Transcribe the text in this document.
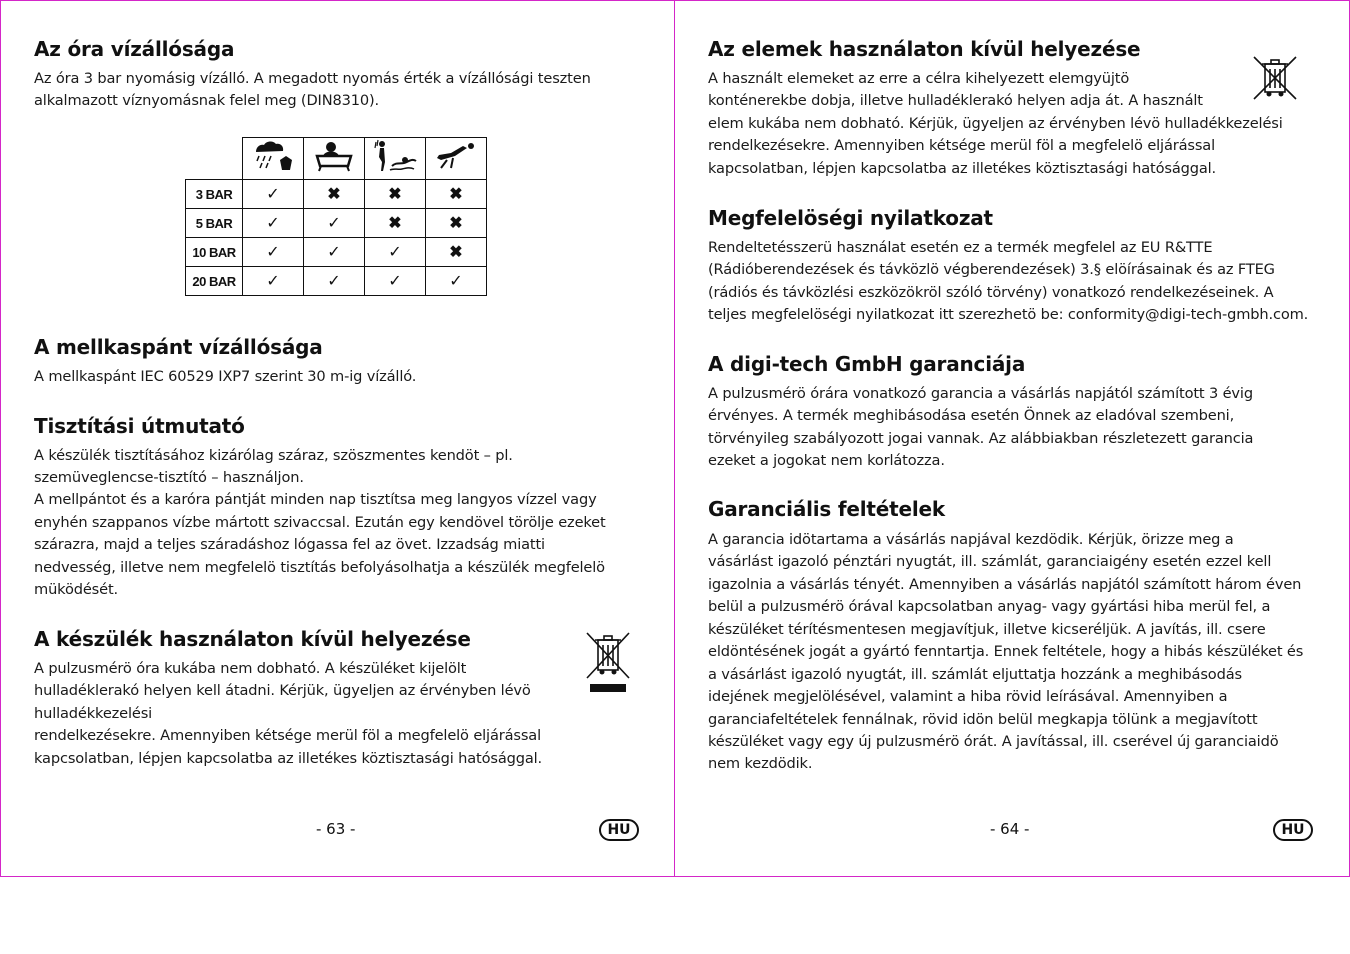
Az óra vízállósága

Az óra 3 bar nyomásig vízálló. A megadott nyomás érték a vízállósági teszten

alkalmazott víznyomásnak felel meg (DIN8310).

3 BAR	✓	✖	✖	✖
5 BAR	✓	✓	✖	✖
10 BAR	✓	✓	✓	✖
20 BAR	✓	✓	✓	✓
A mellkaspánt vízállósága

A mellkaspánt IEC 60529 IXP7 szerint 30 m-ig vízálló.

Tisztítási útmutató

A készülék tisztításához kizárólag száraz, szöszmentes kendöt – pl.

szemüveglencse-tisztító – használjon.

A mellpántot és a karóra pántját minden nap tisztítsa meg langyos vízzel vagy

enyhén szappanos vízbe mártott szivaccsal. Ezután egy kendövel törölje ezeket

szárazra, majd a teljes száradáshoz lógassa fel az övet. Izzadság miatti

nedvesség, illetve nem megfelelö tisztítás befolyásolhatja a készülék megfelelö

müködését.

A készülék használaton kívül helyezése

A pulzusmérö óra kukába nem dobható. A készüléket kijelölt

hulladéklerakó helyen kell átadni. Kérjük, ügyeljen az érvényben lévö

hulladékkezelési

rendelkezésekre. Amennyiben kétsége merül föl a megfelelö eljárással

kapcsolatban, lépjen kapcsolatba az illetékes köztisztasági hatósággal.

- 63 -	HU
Az elemek használaton kívül helyezése

A használt elemeket az erre a célra kihelyezett elemgyüjtö

konténerekbe dobja, illetve hulladéklerakó helyen adja át. A használt

elem kukába nem dobható. Kérjük, ügyeljen az érvényben lévö hulladékkezelési

rendelkezésekre. Amennyiben kétsége merül föl a megfelelö eljárással

kapcsolatban, lépjen kapcsolatba az illetékes köztisztasági hatósággal.

Megfelelöségi nyilatkozat

Rendeltetésszerü használat esetén ez a termék megfelel az EU R&TTE

(Rádióberendezések és távközlö végberendezések) 3.§ elöírásainak és az FTEG

(rádiós és távközlési eszközökröl szóló törvény) vonatkozó rendelkezéseinek. A

teljes megfelelöségi nyilatkozat itt szerezhetö be: conformity@digi-tech-gmbh.com.

A digi-tech GmbH garanciája

A pulzusmérö órára vonatkozó garancia a vásárlás napjától számított 3 évig

érvényes. A termék meghibásodása esetén Önnek az eladóval szembeni,

törvényileg szabályozott jogai vannak. Az alábbiakban részletezett garancia

ezeket a jogokat nem korlátozza.

Garanciális feltételek

A garancia idötartama a vásárlás napjával kezdödik. Kérjük, örizze meg a

vásárlást igazoló pénztári nyugtát, ill. számlát, garanciaigény esetén ezzel kell

igazolnia a vásárlás tényét. Amennyiben a vásárlás napjától számított három éven

belül a pulzusmérö órával kapcsolatban anyag- vagy gyártási hiba merül fel, a

készüléket térítésmentesen megjavítjuk, illetve kicseréljük. A javítás, ill. csere

eldöntésének jogát a gyártó fenntartja. Ennek feltétele, hogy a hibás készüléket és

a vásárlást igazoló nyugtát, ill. számlát eljuttatja hozzánk a meghibásodás

idejének megjelölésével, valamint a hiba rövid leírásával. Amennyiben a

garanciafeltételek fennálnak, rövid idön belül megkapja tölünk a megjavított

készüléket vagy egy új pulzusmérö órát. A javítással, ill. cserével új garanciaidö

nem kezdödik.

- 64 -	HU
